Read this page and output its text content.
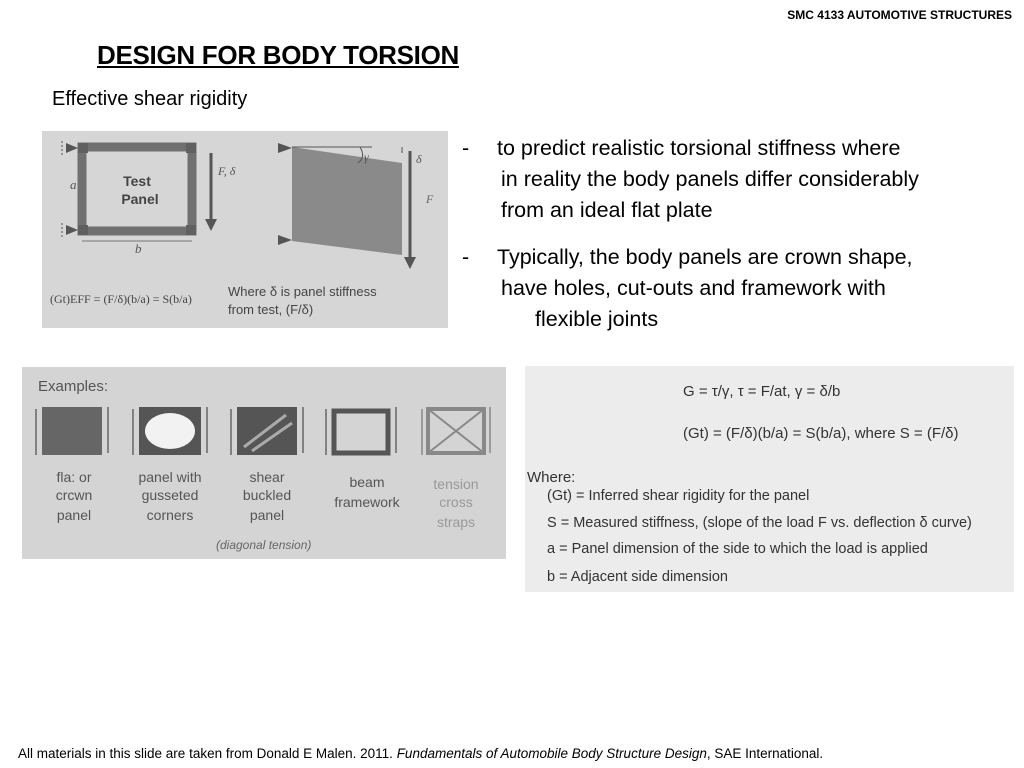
SMC 4133 AUTOMOTIVE STRUCTURES
DESIGN FOR BODY TORSION
Effective shear rigidity
- to predict realistic torsional stiffness where
in reality the body panels differ considerably
from an ideal flat plate
- Typically, the body panels are crown shape,
have holes, cut-outs and framework with
flexible joints
Test
Panel
a
b
F, δ
γ	δ
F
(Gt)EFF = (F/δ)(b/a) = S(b/a)	Where δ is panel stiffness
from test, (F/δ)
Examples:
fla: or
crcwn
panel
panel with
gusseted
corners
shear
buckled
panel
beam
framework
tension
cross
straps
(diagonal tension)
G = τ/γ, τ = F/at, γ = δ/b
(Gt) = (F/δ)(b/a) = S(b/a), where S = (F/δ)
Where:
(Gt) = Inferred shear rigidity for the panel
S = Measured stiffness, (slope of the load F vs. deflection δ curve)
a = Panel dimension of the side to which the load is applied
b = Adjacent side dimension
All materials in this slide are taken from Donald E Malen. 2011. Fundamentals of Automobile Body Structure Design, SAE International.
